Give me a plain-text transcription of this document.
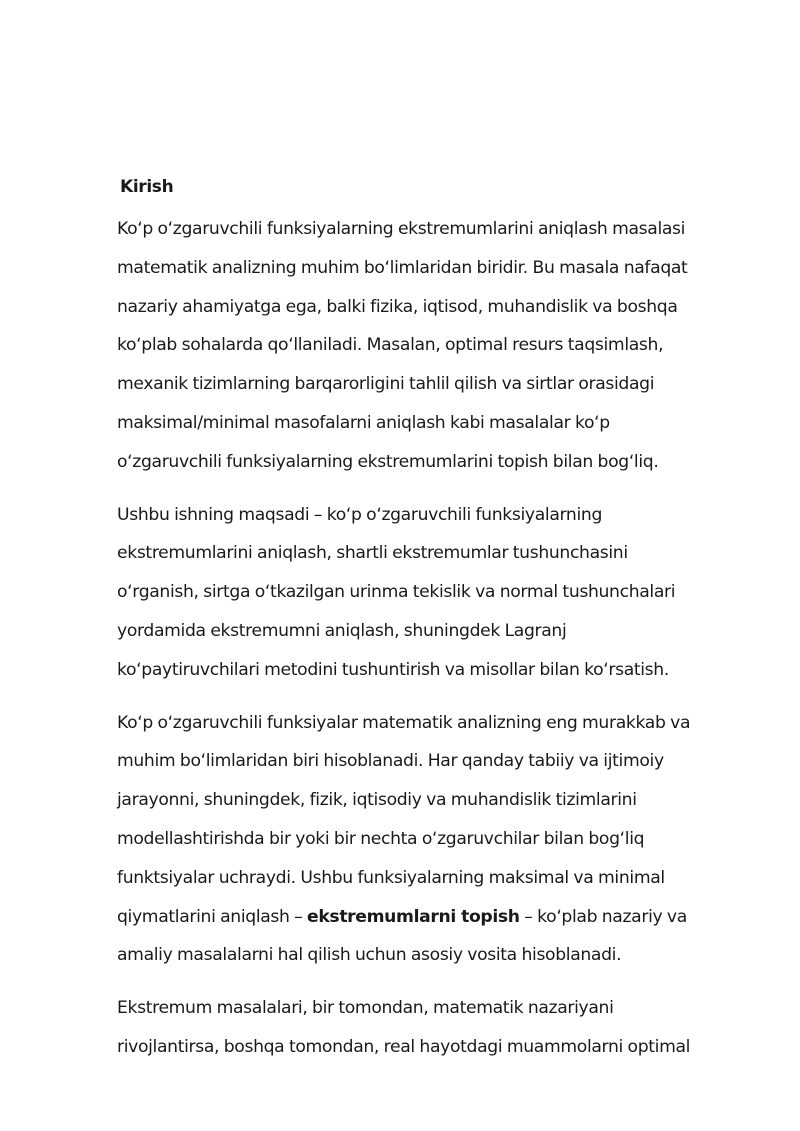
Kirish
Ko‘p o‘zgaruvchili funksiyalarning ekstremumlarini aniqlash masalasi
matematik analizning muhim bo‘limlaridan biridir. Bu masala nafaqat
nazariy ahamiyatga ega, balki fizika, iqtisod, muhandislik va boshqa
ko‘plab sohalarda qo‘llaniladi. Masalan, optimal resurs taqsimlash,
mexanik tizimlarning barqarorligini tahlil qilish va sirtlar orasidagi
maksimal/minimal masofalarni aniqlash kabi masalalar ko‘p
o‘zgaruvchili funksiyalarning ekstremumlarini topish bilan bog‘liq.
Ushbu ishning maqsadi – ko‘p o‘zgaruvchili funksiyalarning
ekstremumlarini aniqlash, shartli ekstremumlar tushunchasini
o‘rganish, sirtga o‘tkazilgan urinma tekislik va normal tushunchalari
yordamida ekstremumni aniqlash, shuningdek Lagranj
ko‘paytiruvchilari metodini tushuntirish va misollar bilan ko‘rsatish.
Ko‘p o‘zgaruvchili funksiyalar matematik analizning eng murakkab va
muhim bo‘limlaridan biri hisoblanadi. Har qanday tabiiy va ijtimoiy
jarayonni, shuningdek, fizik, iqtisodiy va muhandislik tizimlarini
modellashtirishda bir yoki bir nechta o‘zgaruvchilar bilan bog‘liq
funktsiyalar uchraydi. Ushbu funksiyalarning maksimal va minimal
qiymatlarini aniqlash – ekstremumlarni topish – ko‘plab nazariy va
amaliy masalalarni hal qilish uchun asosiy vosita hisoblanadi.
Ekstremum masalalari, bir tomondan, matematik nazariyani
rivojlantirsa, boshqa tomondan, real hayotdagi muammolarni optimal
